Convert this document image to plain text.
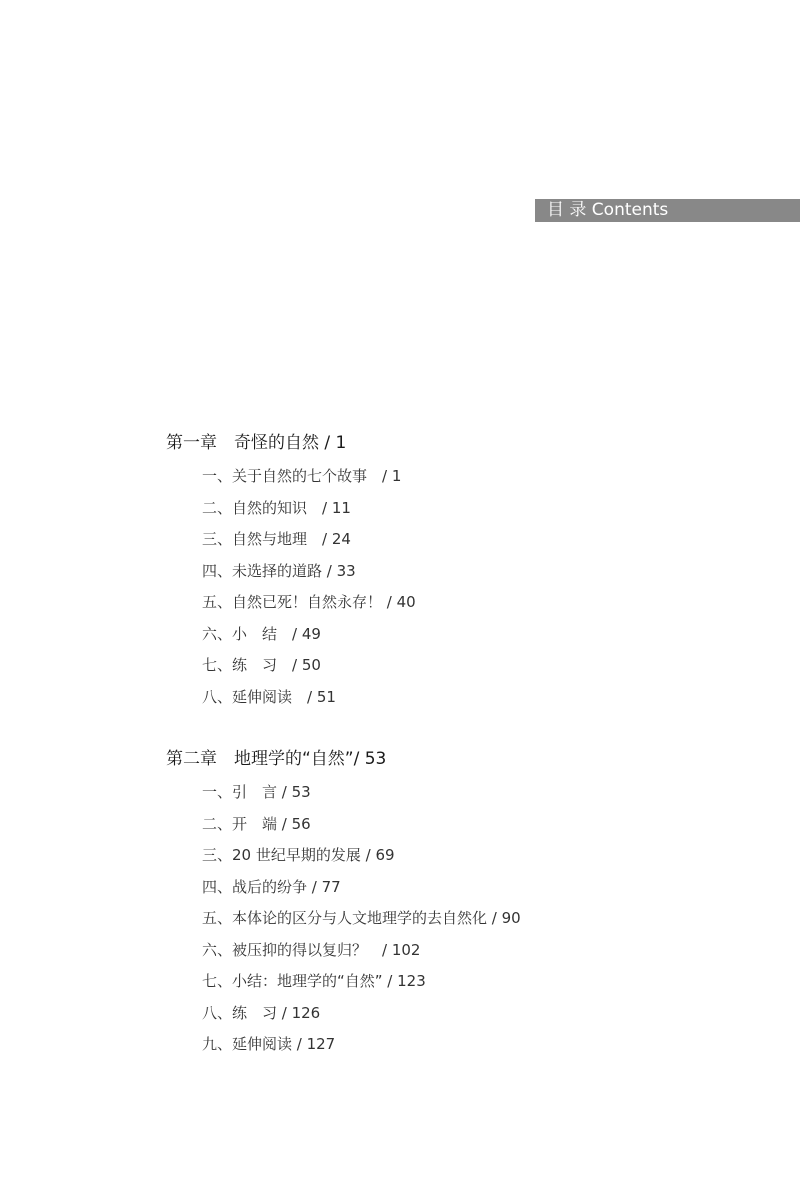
目 录 Contents
第一章　奇怪的自然 / 1
一、关于自然的七个故事　/ 1
二、自然的知识　/ 11
三、自然与地理　/ 24
四、未选择的道路 / 33
五、自然已死！自然永存！ / 40
六、小　结　/ 49
七、练　习　/ 50
八、延伸阅读　/ 51
第二章　地理学的“自然”/ 53
一、引　言 / 53
二、开　端 / 56
三、20 世纪早期的发展 / 69
四、战后的纷争 / 77
五、本体论的区分与人文地理学的去自然化 / 90
六、被压抑的得以复归？　/ 102
七、小结：地理学的“自然” / 123
八、练　习 / 126
九、延伸阅读 / 127
